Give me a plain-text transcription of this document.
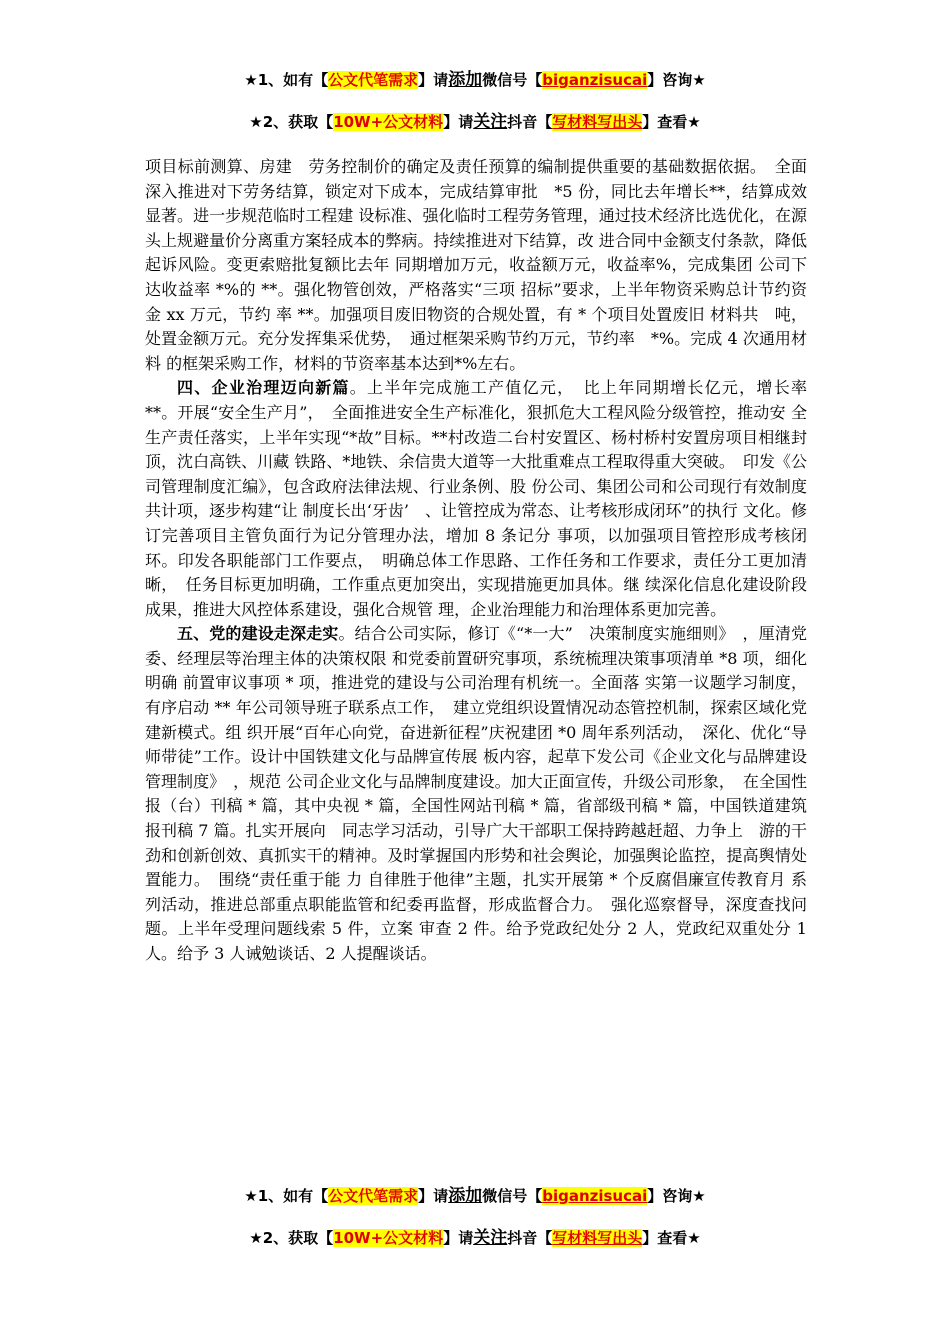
★1、如有【公文代笔需求】请添加微信号【biganzisucai】咨询★
★2、获取【10W+公文材料】请关注抖音【写材料写出头】查看★

项目标前测算、房建　劳务控制价的确定及责任预算的编制提供重要的基础数据依据。　全面深入推进对下劳务结算，锁定对下成本，完成结算审批　*5 份，同比去年增长**，结算成效显著。进一步规范临时工程建 设标准、强化临时工程劳务管理，通过技术经济比选优化，在源 头上规避量价分离重方案轻成本的弊病。持续推进对下结算，改 进合同中金额支付条款，降低起诉风险。变更索赔批复额比去年 同期增加万元，收益额万元，收益率%，完成集团 公司下达收益率 *%的 **。强化物管创效，严格落实“三项 招标”要求，上半年物资采购总计节约资金 xx 万元，节约 率 **。加强项目废旧物资的合规处置，有 * 个项目处置废旧 材料共　吨，处置金额万元。充分发挥集采优势，　通过框架采购节约万元，节约率　*%。完成 4 次通用材料 的框架采购工作，材料的节资率基本达到*%左右。

四、企业治理迈向新篇。上半年完成施工产值亿元，　比上年同期增长亿元，增长率　**。开展“安全生产月”，　全面推进安全生产标准化，狠抓危大工程风险分级管控，推动安 全生产责任落实，上半年实现“*故”目标。**村改造二台村安置区、杨村桥村安置房项目相继封顶，沈白高铁、川藏 铁路、*地铁、余信贵大道等一大批重难点工程取得重大突破。　印发《公司管理制度汇编》，包含政府法律法规、行业条例、股 份公司、集团公司和公司现行有效制度共计项，逐步构建“让 制度长出‘牙齿’　、让管控成为常态、让考核形成闭环”的执行 文化。修订完善项目主管负面行为记分管理办法，增加 8 条记分 事项，以加强项目管控形成考核闭环。印发各职能部门工作要点，　明确总体工作思路、工作任务和工作要求，责任分工更加清晰，　任务目标更加明确，工作重点更加突出，实现措施更加具体。继 续深化信息化建设阶段成果，推进大风控体系建设，强化合规管 理，企业治理能力和治理体系更加完善。

五、党的建设走深走实。结合公司实际，修订《“*一大”　决策制度实施细则》　，厘清党委、经理层等治理主体的决策权限 和党委前置研究事项，系统梳理决策事项清单 *8 项，细化明确 前置审议事项 * 项，推进党的建设与公司治理有机统一。全面落 实第一议题学习制度，有序启动 ** 年公司领导班子联系点工作，　建立党组织设置情况动态管控机制，探索区域化党建新模式。组 织开展“百年心向党，奋进新征程”庆祝建团 *0 周年系列活动，　深化、优化“导师带徒”工作。设计中国铁建文化与品牌宣传展 板内容，起草下发公司《企业文化与品牌建设管理制度》　，规范 公司企业文化与品牌制度建设。加大正面宣传，升级公司形象，　在全国性报（台）刊稿 * 篇，其中央视 * 篇，全国性网站刊稿 * 篇，省部级刊稿 * 篇，中国铁道建筑报刊稿 7 篇。扎实开展向　同志学习活动，引导广大干部职工保持跨越赶超、力争上　游的干劲和创新创效、真抓实干的精神。及时掌握国内形势和社会舆论，加强舆论监控，提高舆情处置能力。　围绕“责任重于能 力 自律胜于他律”主题，扎实开展第 * 个反腐倡廉宣传教育月 系列活动，推进总部重点职能监管和纪委再监督，形成监督合力。　强化巡察督导，深度查找问题。上半年受理问题线索 5 件，立案 审查 2 件。给予党政纪处分 2 人，党政纪双重处分 1 人。给予 3 人诫勉谈话、2 人提醒谈话。

★1、如有【公文代笔需求】请添加微信号【biganzisucai】咨询★
★2、获取【10W+公文材料】请关注抖音【写材料写出头】查看★
